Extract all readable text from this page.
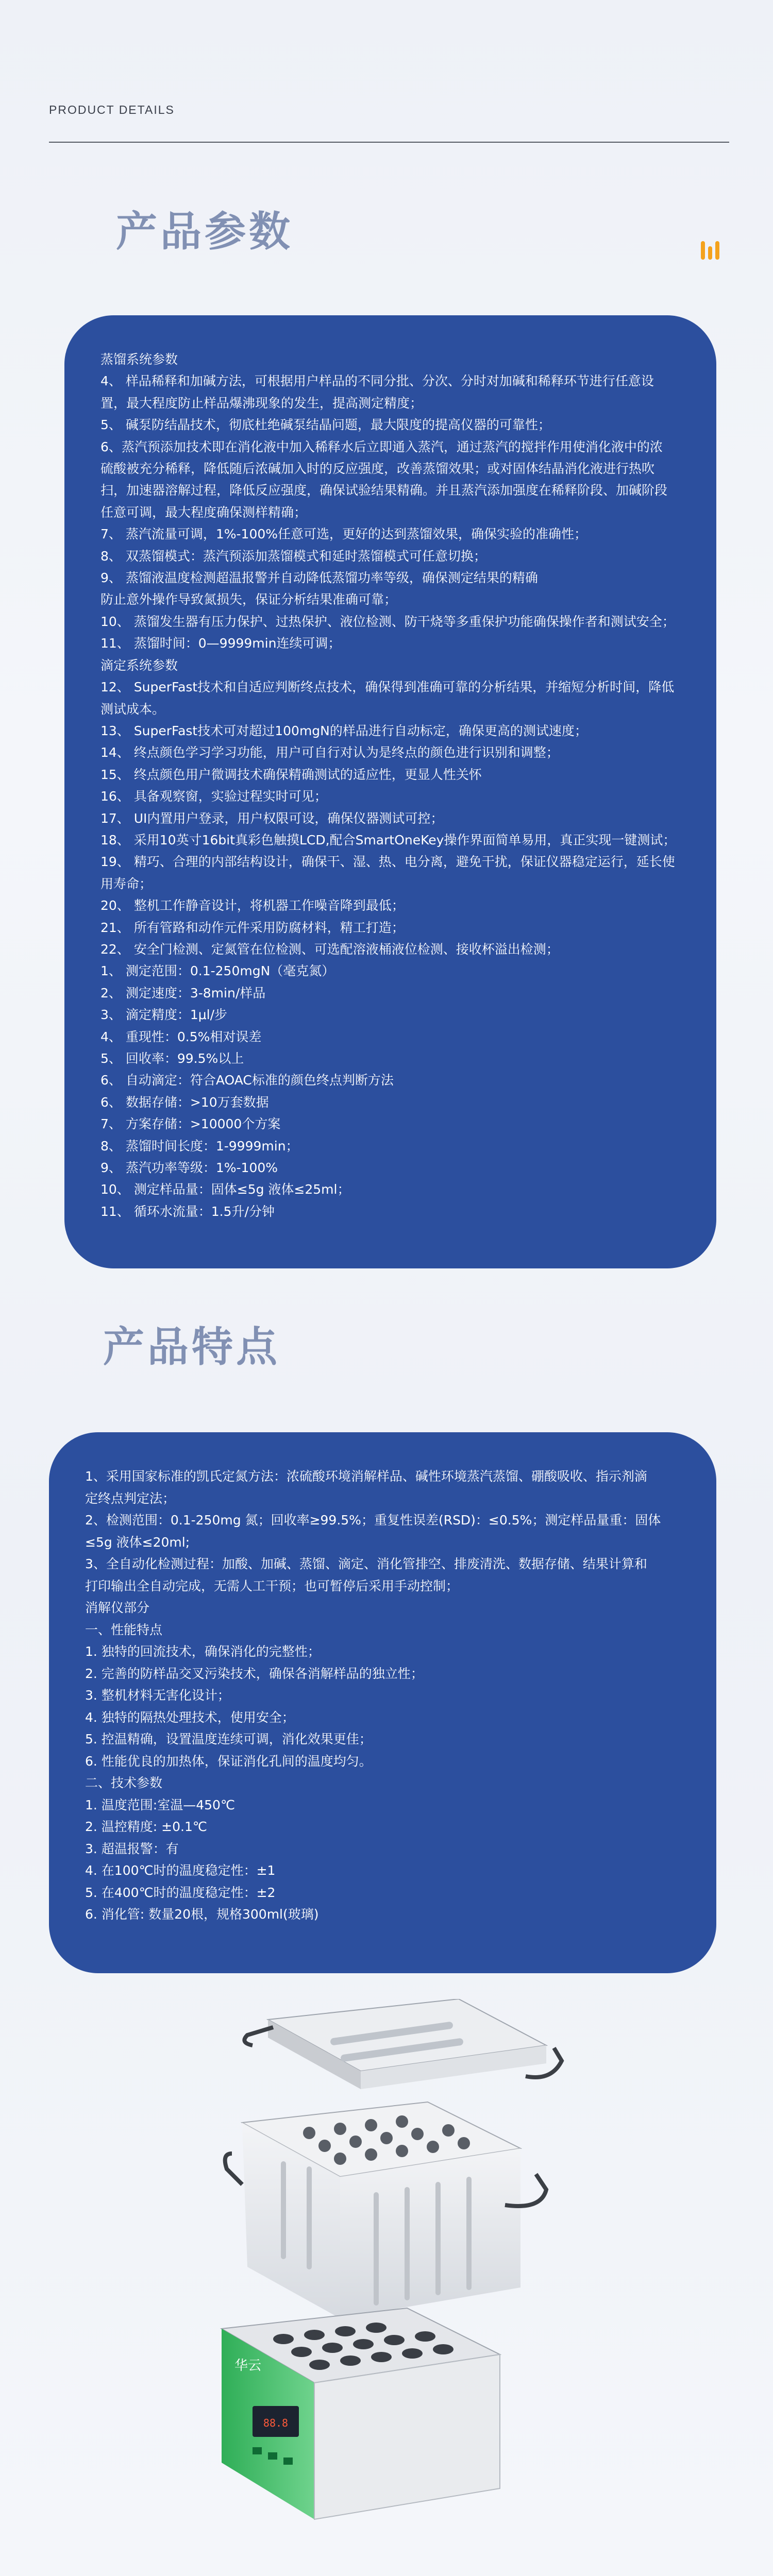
PRODUCT DETAILS
产品参数

蒸馏系统参数

4、 样品稀释和加碱方法，可根据用户样品的不同分批、分次、分时对加碱和稀释环节进行任意设

置，最大程度防止样品爆沸现象的发生，提高测定精度；

5、 碱泵防结晶技术，彻底杜绝碱泵结晶问题，最大限度的提高仪器的可靠性；

6、蒸汽预添加技术即在消化液中加入稀释水后立即通入蒸汽，通过蒸汽的搅拌作用使消化液中的浓

硫酸被充分稀释，降低随后浓碱加入时的反应强度，改善蒸馏效果；或对固体结晶消化液进行热吹

扫，加速器溶解过程，降低反应强度，确保试验结果精确。并且蒸汽添加强度在稀释阶段、加碱阶段

任意可调，最大程度确保测样精确；

7、 蒸汽流量可调，1%-100%任意可选，更好的达到蒸馏效果，确保实验的准确性；

8、 双蒸馏模式：蒸汽预添加蒸馏模式和延时蒸馏模式可任意切换；

9、 蒸馏液温度检测超温报警并自动降低蒸馏功率等级，确保测定结果的精确

防止意外操作导致氮损失，保证分析结果准确可靠；

10、 蒸馏发生器有压力保护、过热保护、液位检测、防干烧等多重保护功能确保操作者和测试安全；

11、 蒸馏时间：0—9999min连续可调；

滴定系统参数

12、 SuperFast技术和自适应判断终点技术，确保得到准确可靠的分析结果，并缩短分析时间，降低

测试成本。

13、 SuperFast技术可对超过100mgN的样品进行自动标定，确保更高的测试速度；

14、 终点颜色学习学习功能，用户可自行对认为是终点的颜色进行识别和调整；

15、 终点颜色用户微调技术确保精确测试的适应性，更显人性关怀

16、 具备观察窗，实验过程实时可见；

17、 UI内置用户登录，用户权限可设，确保仪器测试可控；

18、 采用10英寸16bit真彩色触摸LCD,配合SmartOneKey操作界面简单易用，真正实现一键测试；

19、 精巧、合理的内部结构设计，确保干、湿、热、电分离，避免干扰，保证仪器稳定运行，延长使

用寿命；

20、 整机工作静音设计，将机器工作噪音降到最低；

21、 所有管路和动作元件采用防腐材料，精工打造；

22、 安全门检测、定氮管在位检测、可选配溶液桶液位检测、接收杯溢出检测；

1、 测定范围：0.1-250mgN（毫克氮）

2、 测定速度：3-8min/样品

3、 滴定精度：1μl/步

4、 重现性：0.5%相对误差

5、 回收率：99.5%以上

6、 自动滴定：符合AOAC标准的颜色终点判断方法

6、 数据存储：>10万套数据

7、 方案存储：>10000个方案

8、 蒸馏时间长度：1-9999min；

9、 蒸汽功率等级：1%-100%

10、 测定样品量：固体≤5g 液体≤25ml；

11、 循环水流量：1.5升/分钟

产品特点

1、采用国家标准的凯氏定氮方法：浓硫酸环境消解样品、碱性环境蒸汽蒸馏、硼酸吸收、指示剂滴

定终点判定法；

2、检测范围：0.1-250mg 氮；回收率≥99.5%；重复性误差(RSD)：≤0.5%；测定样品量重：固体

≤5g 液体≤20ml;

3、全自动化检测过程：加酸、加碱、蒸馏、滴定、消化管排空、排废清洗、数据存储、结果计算和

打印输出全自动完成，无需人工干预；也可暂停后采用手动控制；

消解仪部分

一、性能特点

1. 独特的回流技术，确保消化的完整性；

2. 完善的防样品交叉污染技术，确保各消解样品的独立性；

3. 整机材料无害化设计；

4. 独特的隔热处理技术，使用安全；

5. 控温精确，设置温度连续可调，消化效果更佳；

6. 性能优良的加热体，保证消化孔间的温度均匀。

二、技术参数

1. 温度范围:室温—450℃

2. 温控精度: ±0.1℃

3. 超温报警：有

4. 在100℃时的温度稳定性：±1

5. 在400℃时的温度稳定性：±2

6. 消化管: 数量20根，规格300ml(玻璃)

88.8
华云
